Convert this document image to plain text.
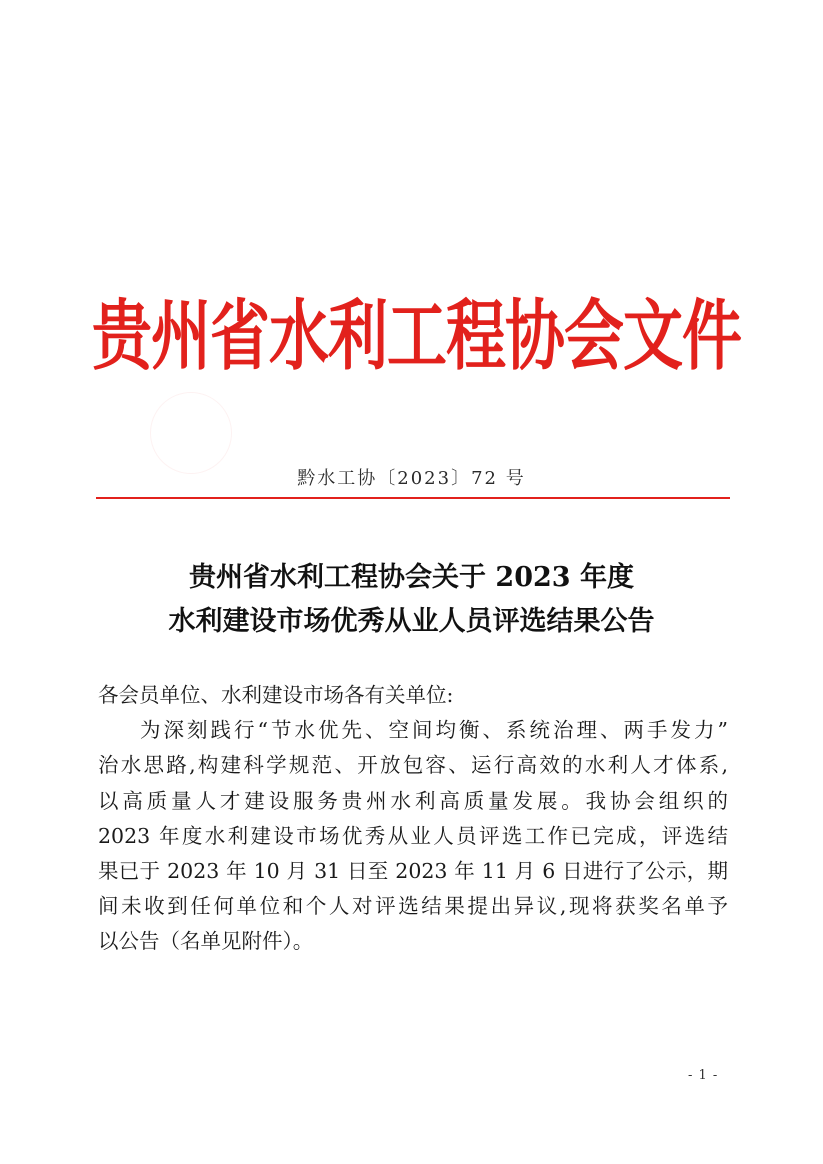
贵州省水利工程协会文件
黔水工协〔2023〕72 号
贵州省水利工程协会关于 2023 年度
水利建设市场优秀从业人员评选结果公告

各会员单位、水利建设市场各有关单位:

为深刻践行“节水优先、空间均衡、系统治理、两手发力”
治水思路,构建科学规范、开放包容、运行高效的水利人才体系,
以高质量人才建设服务贵州水利高质量发展。我协会组织的
2023 年度水利建设市场优秀从业人员评选工作已完成，评选结
果已于 2023 年 10 月 31 日至 2023 年 11 月 6 日进行了公示，期
间未收到任何单位和个人对评选结果提出异议,现将获奖名单予
以公告（名单见附件）。

- 1 -
